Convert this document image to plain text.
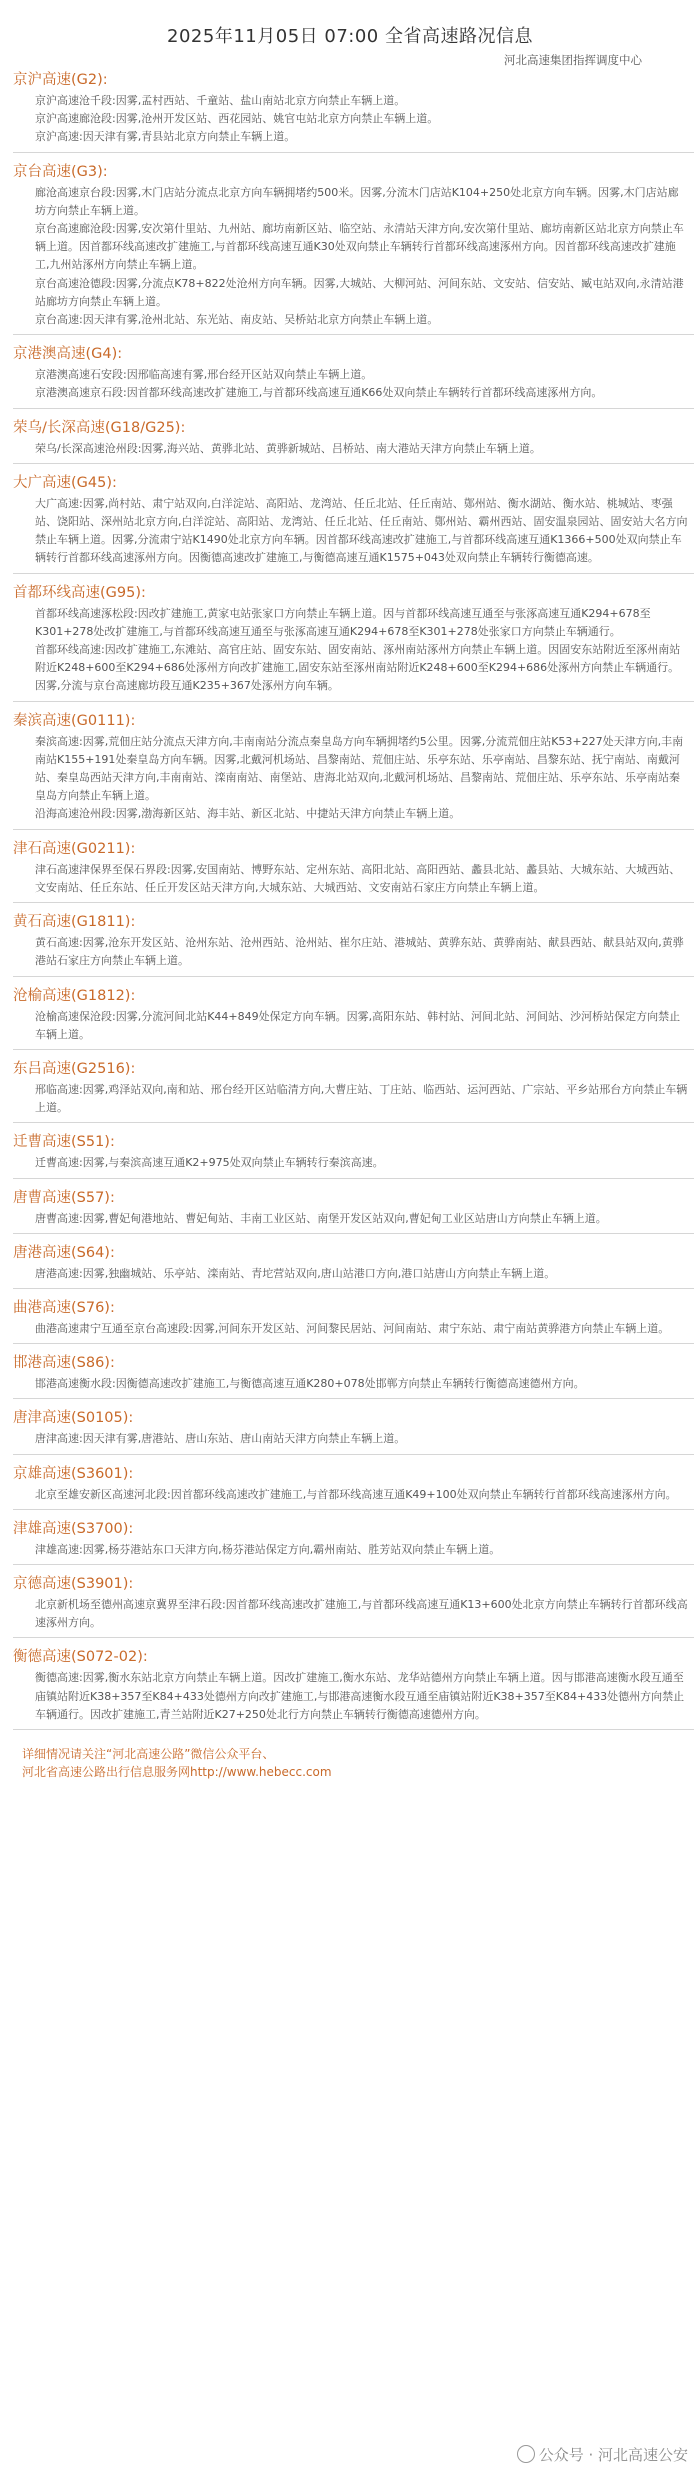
2025年11月05日 07:00 全省高速路况信息
河北高速集团指挥调度中心
京沪高速(G2):
京沪高速沧千段:因雾,孟村西站、千童站、盐山南站北京方向禁止车辆上道。
京沪高速廊沧段:因雾,沧州开发区站、西花园站、姚官屯站北京方向禁止车辆上道。
京沪高速:因天津有雾,青县站北京方向禁止车辆上道。
京台高速(G3):
廊沧高速京台段:因雾,木门店站分流点北京方向车辆拥堵约500米。因雾,分流木门店站K104+250处北京方向车辆。因雾,木门店站廊坊方向禁止车辆上道。
京台高速廊沧段:因雾,安次第什里站、九州站、廊坊南新区站、临空站、永清站天津方向,安次第什里站、廊坊南新区站北京方向禁止车辆上道。因首都环线高速改扩建施工,与首都环线高速互通K30处双向禁止车辆转行首都环线高速涿州方向。因首都环线高速改扩建施工,九州站涿州方向禁止车辆上道。
京台高速沧德段:因雾,分流点K78+822处沧州方向车辆。因雾,大城站、大柳河站、河间东站、文安站、信安站、臧屯站双向,永清站港站廊坊方向禁止车辆上道。
京台高速:因天津有雾,沧州北站、东光站、南皮站、吴桥站北京方向禁止车辆上道。
京港澳高速(G4):
京港澳高速石安段:因邢临高速有雾,邢台经开区站双向禁止车辆上道。
京港澳高速京石段:因首都环线高速改扩建施工,与首都环线高速互通K66处双向禁止车辆转行首都环线高速涿州方向。
荣乌/长深高速(G18/G25):
荣乌/长深高速沧州段:因雾,海兴站、黄骅北站、黄骅新城站、吕桥站、南大港站天津方向禁止车辆上道。
大广高速(G45):
大广高速:因雾,尚村站、肃宁站双向,白洋淀站、高阳站、龙湾站、任丘北站、任丘南站、鄚州站、衡水湖站、衡水站、桃城站、枣强站、饶阳站、深州站北京方向,白洋淀站、高阳站、龙湾站、任丘北站、任丘南站、鄚州站、霸州西站、固安温泉园站、固安站大名方向禁止车辆上道。因雾,分流肃宁站K1490处北京方向车辆。因首都环线高速改扩建施工,与首都环线高速互通K1366+500处双向禁止车辆转行首都环线高速涿州方向。因衡德高速改扩建施工,与衡德高速互通K1575+043处双向禁止车辆转行衡德高速。
首都环线高速(G95):
首都环线高速涿松段:因改扩建施工,黄家屯站张家口方向禁止车辆上道。因与首都环线高速互通至与张涿高速互通K294+678至K301+278处改扩建施工,与首都环线高速互通至与张涿高速互通K294+678至K301+278处张家口方向禁止车辆通行。
首都环线高速:因改扩建施工,东滩站、高官庄站、固安东站、固安南站、涿州南站涿州方向禁止车辆上道。因固安东站附近至涿州南站附近K248+600至K294+686处涿州方向改扩建施工,固安东站至涿州南站附近K248+600至K294+686处涿州方向禁止车辆通行。因雾,分流与京台高速廊坊段互通K235+367处涿州方向车辆。
秦滨高速(G0111):
秦滨高速:因雾,荒佃庄站分流点天津方向,丰南南站分流点秦皇岛方向车辆拥堵约5公里。因雾,分流荒佃庄站K53+227处天津方向,丰南南站K155+191处秦皇岛方向车辆。因雾,北戴河机场站、昌黎南站、荒佃庄站、乐亭东站、乐亭南站、昌黎东站、抚宁南站、南戴河站、秦皇岛西站天津方向,丰南南站、滦南南站、南堡站、唐海北站双向,北戴河机场站、昌黎南站、荒佃庄站、乐亭东站、乐亭南站秦皇岛方向禁止车辆上道。
沿海高速沧州段:因雾,渤海新区站、海丰站、新区北站、中捷站天津方向禁止车辆上道。
津石高速(G0211):
津石高速津保界至保石界段:因雾,安国南站、博野东站、定州东站、高阳北站、高阳西站、蠡县北站、蠡县站、大城东站、大城西站、文安南站、任丘东站、任丘开发区站天津方向,大城东站、大城西站、文安南站石家庄方向禁止车辆上道。
黄石高速(G1811):
黄石高速:因雾,沧东开发区站、沧州东站、沧州西站、沧州站、崔尔庄站、港城站、黄骅东站、黄骅南站、献县西站、献县站双向,黄骅港站石家庄方向禁止车辆上道。
沧榆高速(G1812):
沧榆高速保沧段:因雾,分流河间北站K44+849处保定方向车辆。因雾,高阳东站、韩村站、河间北站、河间站、沙河桥站保定方向禁止车辆上道。
东吕高速(G2516):
邢临高速:因雾,鸡泽站双向,南和站、邢台经开区站临清方向,大曹庄站、丁庄站、临西站、运河西站、广宗站、平乡站邢台方向禁止车辆上道。
迁曹高速(S51):
迁曹高速:因雾,与秦滨高速互通K2+975处双向禁止车辆转行秦滨高速。
唐曹高速(S57):
唐曹高速:因雾,曹妃甸港地站、曹妃甸站、丰南工业区站、南堡开发区站双向,曹妃甸工业区站唐山方向禁止车辆上道。
唐港高速(S64):
唐港高速:因雾,独幽城站、乐亭站、滦南站、青坨营站双向,唐山站港口方向,港口站唐山方向禁止车辆上道。
曲港高速(S76):
曲港高速肃宁互通至京台高速段:因雾,河间东开发区站、河间黎民居站、河间南站、肃宁东站、肃宁南站黄骅港方向禁止车辆上道。
邯港高速(S86):
邯港高速衡水段:因衡德高速改扩建施工,与衡德高速互通K280+078处邯郸方向禁止车辆转行衡德高速德州方向。
唐津高速(S0105):
唐津高速:因天津有雾,唐港站、唐山东站、唐山南站天津方向禁止车辆上道。
京雄高速(S3601):
北京至雄安新区高速河北段:因首都环线高速改扩建施工,与首都环线高速互通K49+100处双向禁止车辆转行首都环线高速涿州方向。
津雄高速(S3700):
津雄高速:因雾,杨芬港站东口天津方向,杨芬港站保定方向,霸州南站、胜芳站双向禁止车辆上道。
京德高速(S3901):
北京新机场至德州高速京冀界至津石段:因首都环线高速改扩建施工,与首都环线高速互通K13+600处北京方向禁止车辆转行首都环线高速涿州方向。
衡德高速(S072-02):
衡德高速:因雾,衡水东站北京方向禁止车辆上道。因改扩建施工,衡水东站、龙华站德州方向禁止车辆上道。因与邯港高速衡水段互通至庙镇站附近K38+357至K84+433处德州方向改扩建施工,与邯港高速衡水段互通至庙镇站附近K38+357至K84+433处德州方向禁止车辆通行。因改扩建施工,青兰站附近K27+250处北行方向禁止车辆转行衡德高速德州方向。
详细情况请关注“河北高速公路”微信公众平台、
河北省高速公路出行信息服务网http://www.hebecc.com
公众号 · 河北高速公安
